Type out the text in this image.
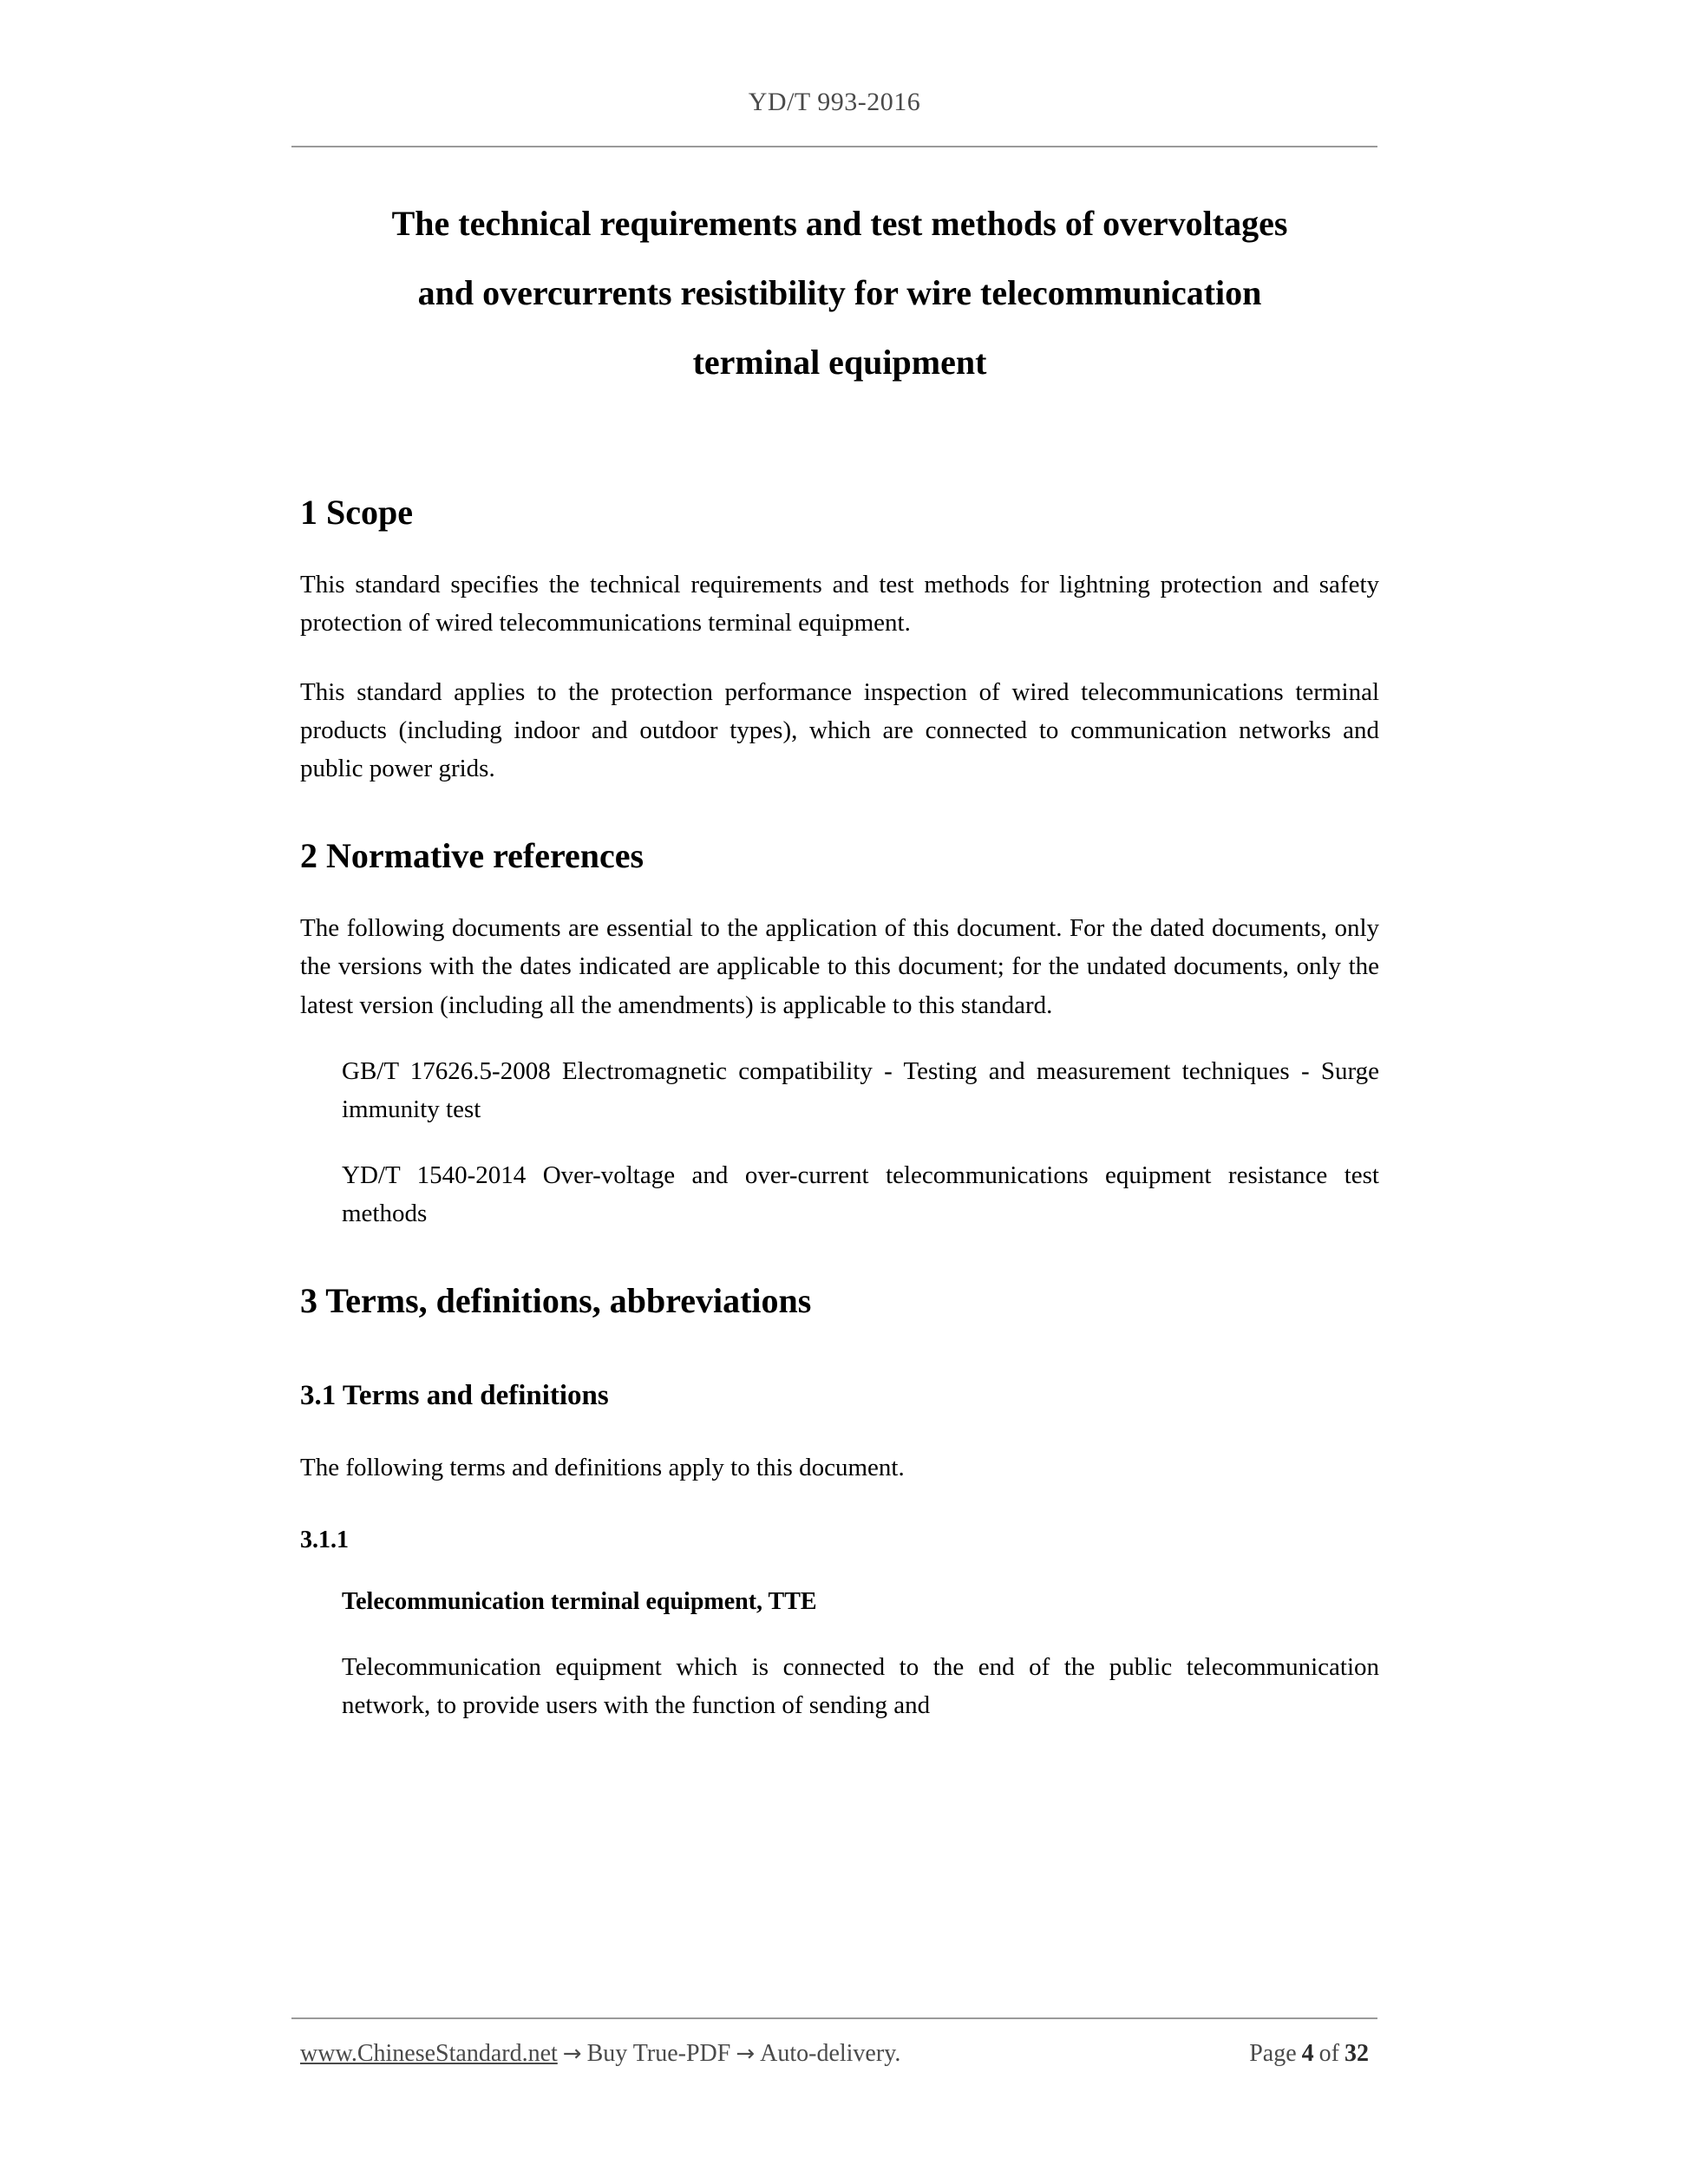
YD/T 993-2016
The technical requirements and test methods of overvoltages
and overcurrents resistibility for wire telecommunication
terminal equipment
1 Scope

This standard specifies the technical requirements and test methods for lightning protection and safety protection of wired telecommunications terminal equipment.

This standard applies to the protection performance inspection of wired telecommunications terminal products (including indoor and outdoor types), which are connected to communication networks and public power grids.

2 Normative references

The following documents are essential to the application of this document. For the dated documents, only the versions with the dates indicated are applicable to this document; for the undated documents, only the latest version (including all the amendments) is applicable to this standard.

GB/T 17626.5-2008 Electromagnetic compatibility - Testing and measurement techniques - Surge immunity test

YD/T 1540-2014 Over-voltage and over-current telecommunications equipment resistance test methods

3 Terms, definitions, abbreviations
3.1 Terms and definitions

The following terms and definitions apply to this document.

3.1.1
Telecommunication terminal equipment, TTE

Telecommunication equipment which is connected to the end of the public telecommunication network, to provide users with the function of sending and

www.ChineseStandard.net → Buy True-PDF → Auto-delivery.	Page 4 of 32
